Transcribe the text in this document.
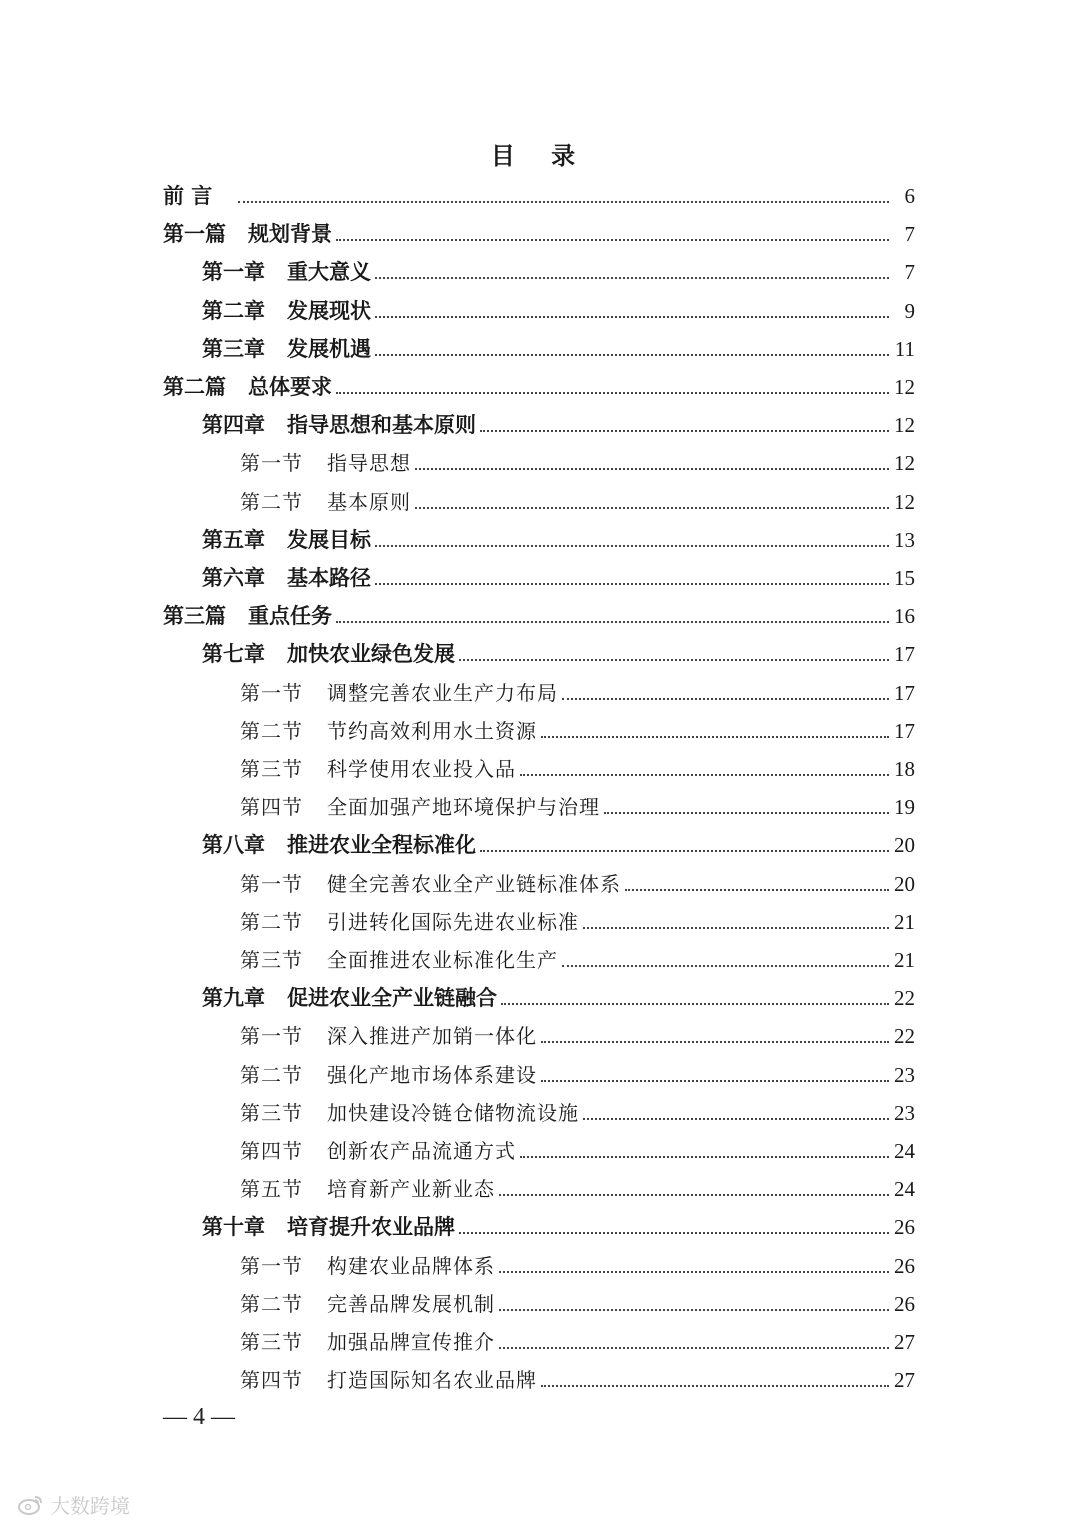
目 录
前 言	6
第一篇 规划背景	7
第一章 重大意义	7
第二章 发展现状	9
第三章 发展机遇	11
第二篇 总体要求	12
第四章 指导思想和基本原则	12
第一节 指导思想	12
第二节 基本原则	12
第五章 发展目标	13
第六章 基本路径	15
第三篇 重点任务	16
第七章 加快农业绿色发展	17
第一节 调整完善农业生产力布局	17
第二节 节约高效利用水土资源	17
第三节 科学使用农业投入品	18
第四节 全面加强产地环境保护与治理	19
第八章 推进农业全程标准化	20
第一节 健全完善农业全产业链标准体系	20
第二节 引进转化国际先进农业标准	21
第三节 全面推进农业标准化生产	21
第九章 促进农业全产业链融合	22
第一节 深入推进产加销一体化	22
第二节 强化产地市场体系建设	23
第三节 加快建设冷链仓储物流设施	23
第四节 创新农产品流通方式	24
第五节 培育新产业新业态	24
第十章 培育提升农业品牌	26
第一节 构建农业品牌体系	26
第二节 完善品牌发展机制	26
第三节 加强品牌宣传推介	27
第四节 打造国际知名农业品牌	27
— 4 —
大数跨境
